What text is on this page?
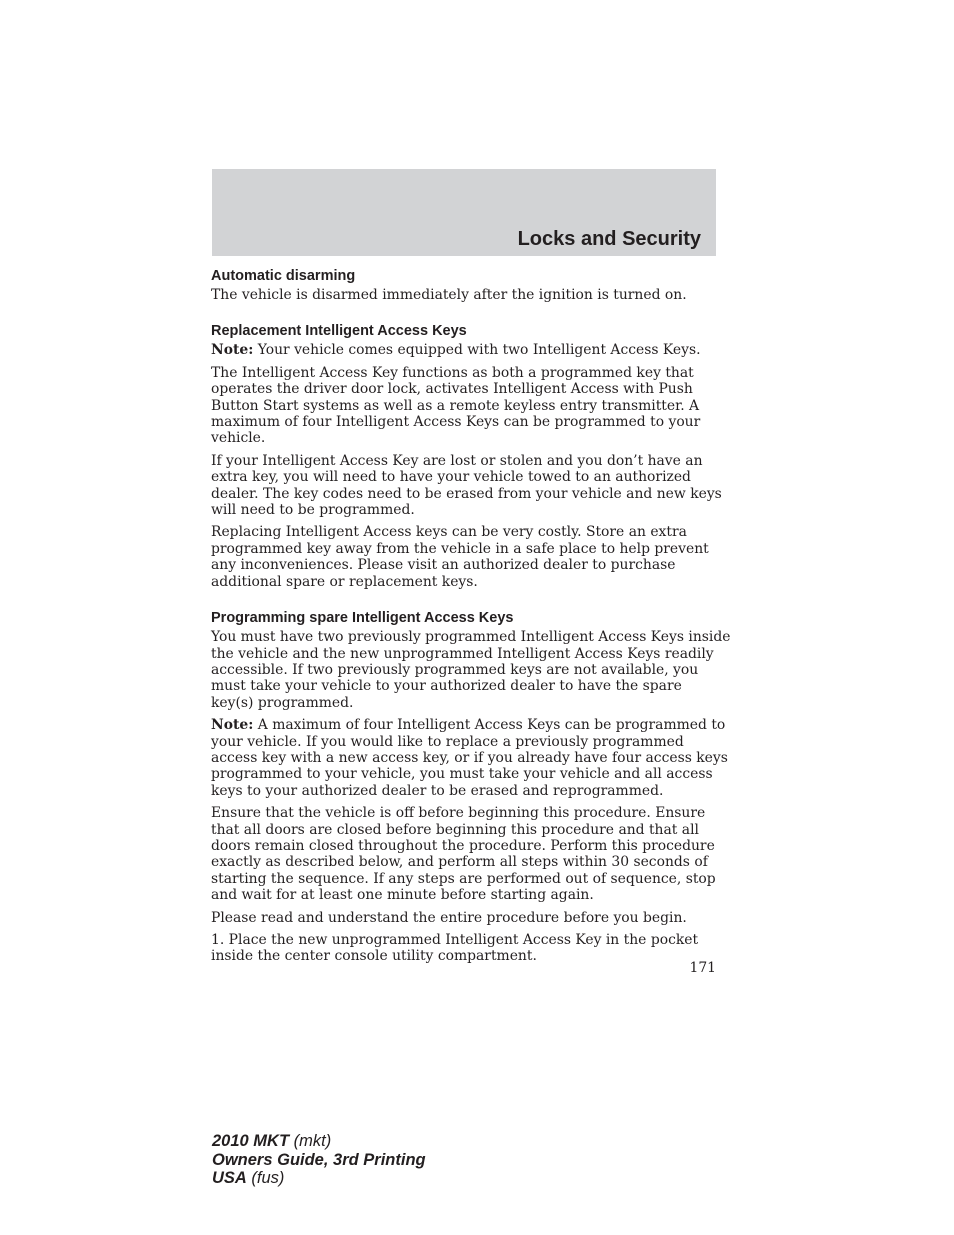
Locks and Security
Automatic disarming

The vehicle is disarmed immediately after the ignition is turned on.

Replacement Intelligent Access Keys

Note: Your vehicle comes equipped with two Intelligent Access Keys.

The Intelligent Access Key functions as both a programmed key that
operates the driver door lock, activates Intelligent Access with Push
Button Start systems as well as a remote keyless entry transmitter. A
maximum of four Intelligent Access Keys can be programmed to your
vehicle.

If your Intelligent Access Key are lost or stolen and you don’t have an
extra key, you will need to have your vehicle towed to an authorized
dealer. The key codes need to be erased from your vehicle and new keys
will need to be programmed.

Replacing Intelligent Access keys can be very costly. Store an extra
programmed key away from the vehicle in a safe place to help prevent
any inconveniences. Please visit an authorized dealer to purchase
additional spare or replacement keys.

Programming spare Intelligent Access Keys

You must have two previously programmed Intelligent Access Keys inside
the vehicle and the new unprogrammed Intelligent Access Keys readily
accessible. If two previously programmed keys are not available, you
must take your vehicle to your authorized dealer to have the spare
key(s) programmed.

Note: A maximum of four Intelligent Access Keys can be programmed to
your vehicle. If you would like to replace a previously programmed
access key with a new access key, or if you already have four access keys
programmed to your vehicle, you must take your vehicle and all access
keys to your authorized dealer to be erased and reprogrammed.

Ensure that the vehicle is off before beginning this procedure. Ensure
that all doors are closed before beginning this procedure and that all
doors remain closed throughout the procedure. Perform this procedure
exactly as described below, and perform all steps within 30 seconds of
starting the sequence. If any steps are performed out of sequence, stop
and wait for at least one minute before starting again.

Please read and understand the entire procedure before you begin.

1. Place the new unprogrammed Intelligent Access Key in the pocket
inside the center console utility compartment.

171
2010 MKT (mkt)
Owners Guide, 3rd Printing
USA (fus)
